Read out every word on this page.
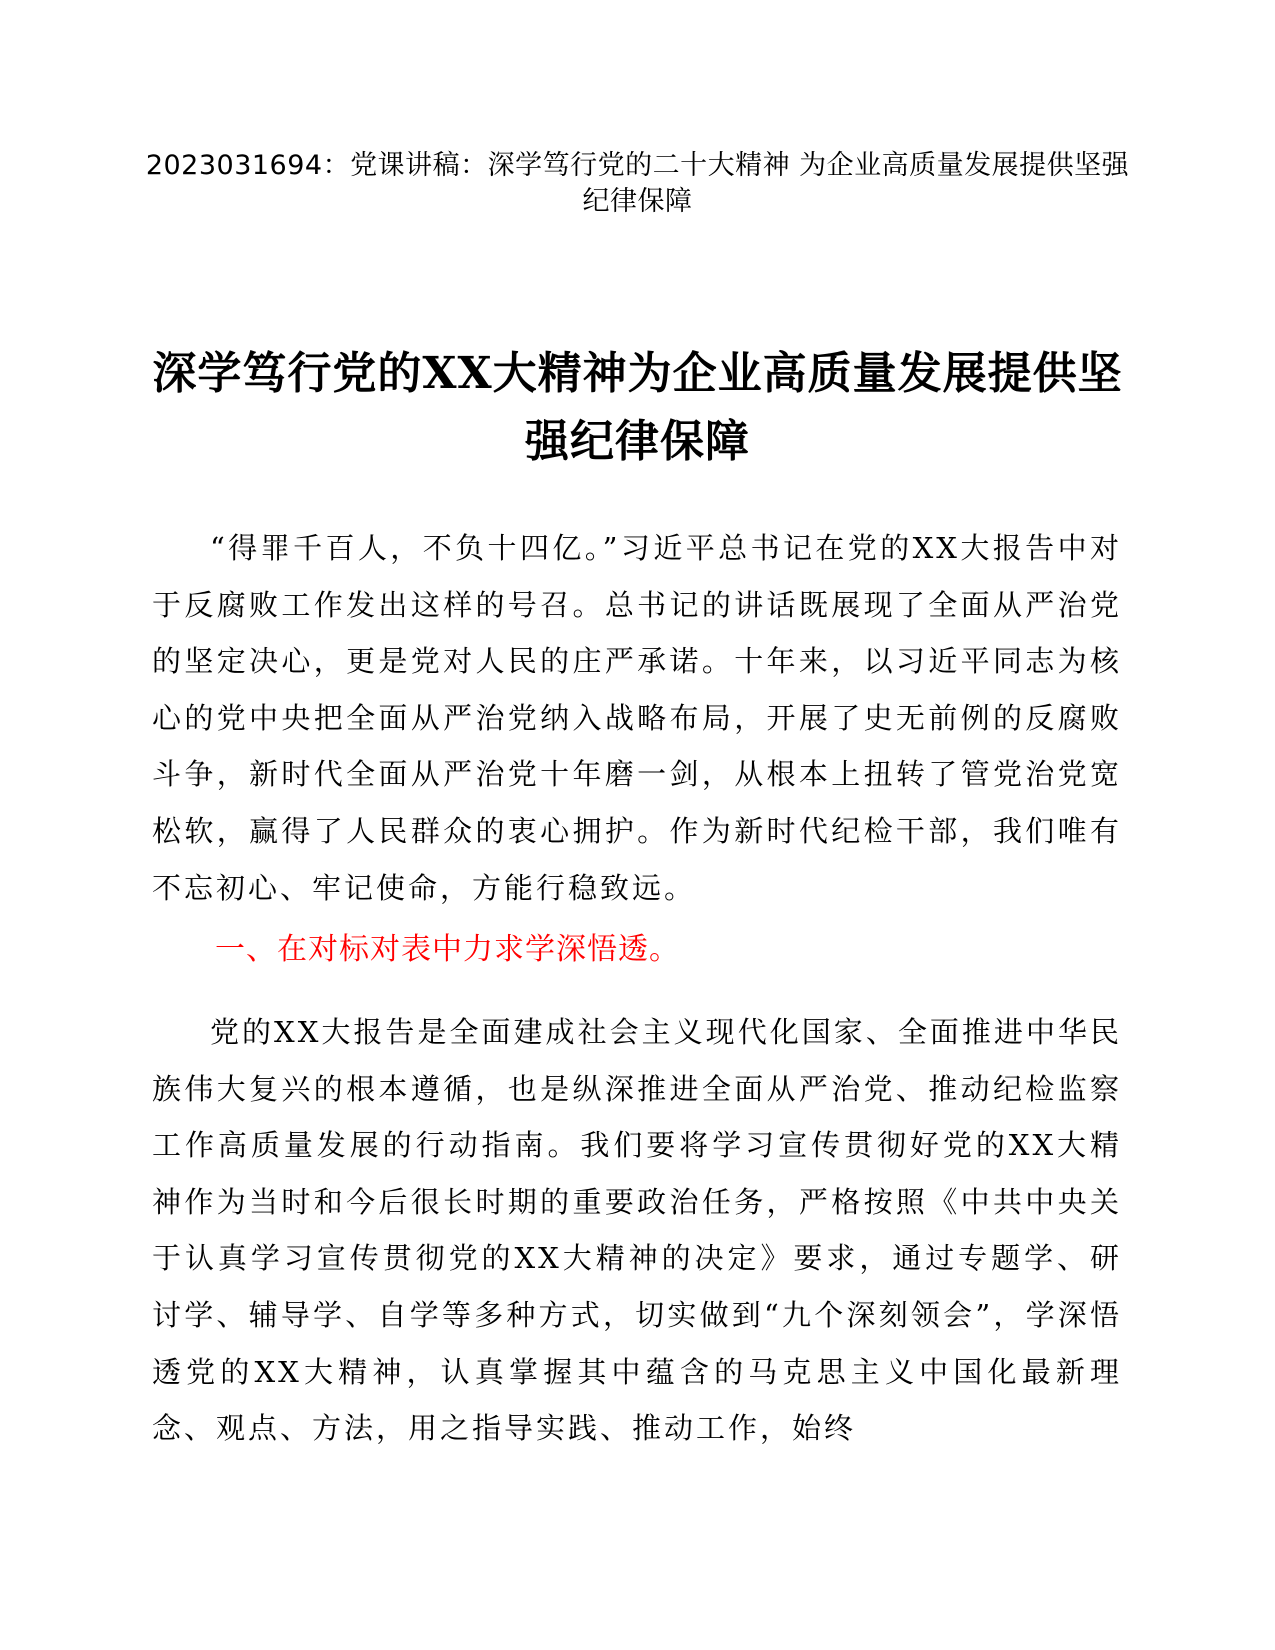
2023031694：党课讲稿：深学笃行党的二十大精神 为企业高质量发展提供坚强纪律保障
深学笃行党的XX大精神为企业高质量发展提供坚强纪律保障

“得罪千百人，不负十四亿。”习近平总书记在党的XX大报告中对于反腐败工作发出这样的号召。总书记的讲话既展现了全面从严治党的坚定决心，更是党对人民的庄严承诺。十年来，以习近平同志为核心的党中央把全面从严治党纳入战略布局，开展了史无前例的反腐败斗争，新时代全面从严治党十年磨一剑，从根本上扭转了管党治党宽松软，赢得了人民群众的衷心拥护。作为新时代纪检干部，我们唯有不忘初心、牢记使命，方能行稳致远。

一、在对标对表中力求学深悟透。

党的XX大报告是全面建成社会主义现代化国家、全面推进中华民族伟大复兴的根本遵循，也是纵深推进全面从严治党、推动纪检监察工作高质量发展的行动指南。我们要将学习宣传贯彻好党的XX大精神作为当时和今后很长时期的重要政治任务，严格按照《中共中央关于认真学习宣传贯彻党的XX大精神的决定》要求，通过专题学、研讨学、辅导学、自学等多种方式，切实做到“九个深刻领会”，学深悟透党的XX大精神，认真掌握其中蕴含的马克思主义中国化最新理念、观点、方法，用之指导实践、推动工作，始终
